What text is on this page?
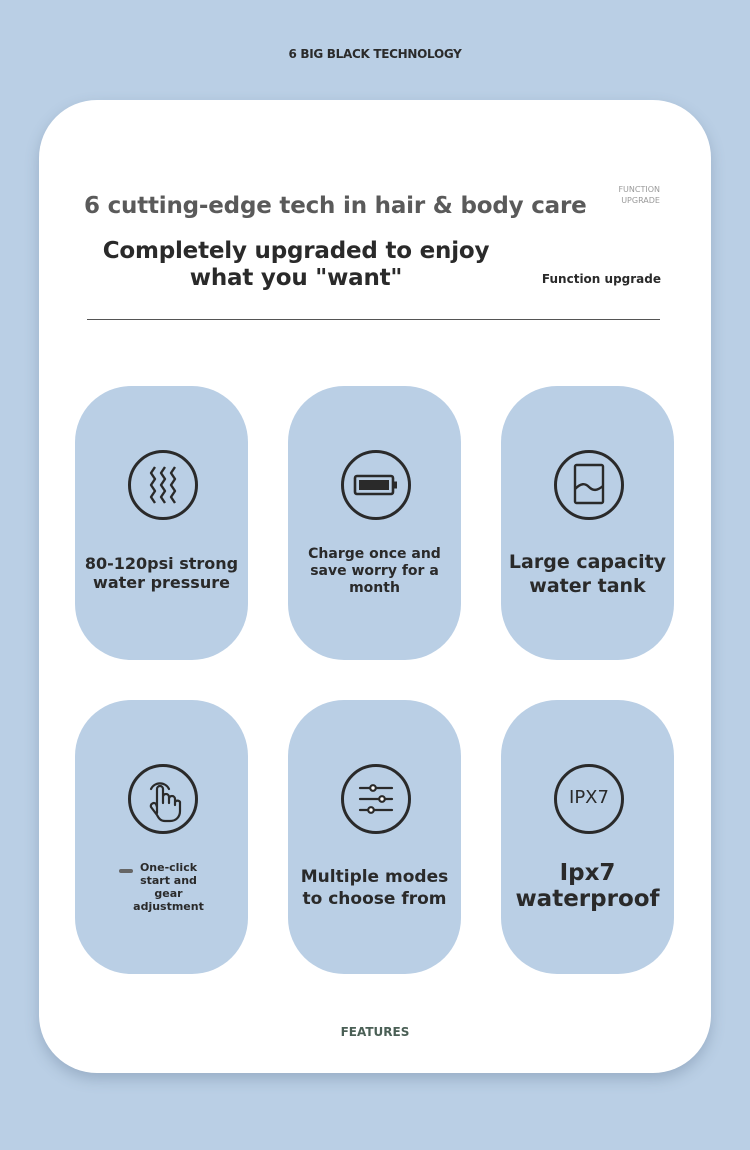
6 BIG BLACK TECHNOLOGY
6 cutting-edge tech in hair & body care
FUNCTION
UPGRADE
Completely upgraded to enjoy
what you "want"	Function upgrade
80-120psi strong
water pressure
Charge once and
save worry for a
month
Large capacity
water tank
One-click
start and
gear
adjustment
Multiple modes
to choose from
IPX7
Ipx7
waterproof
FEATURES
